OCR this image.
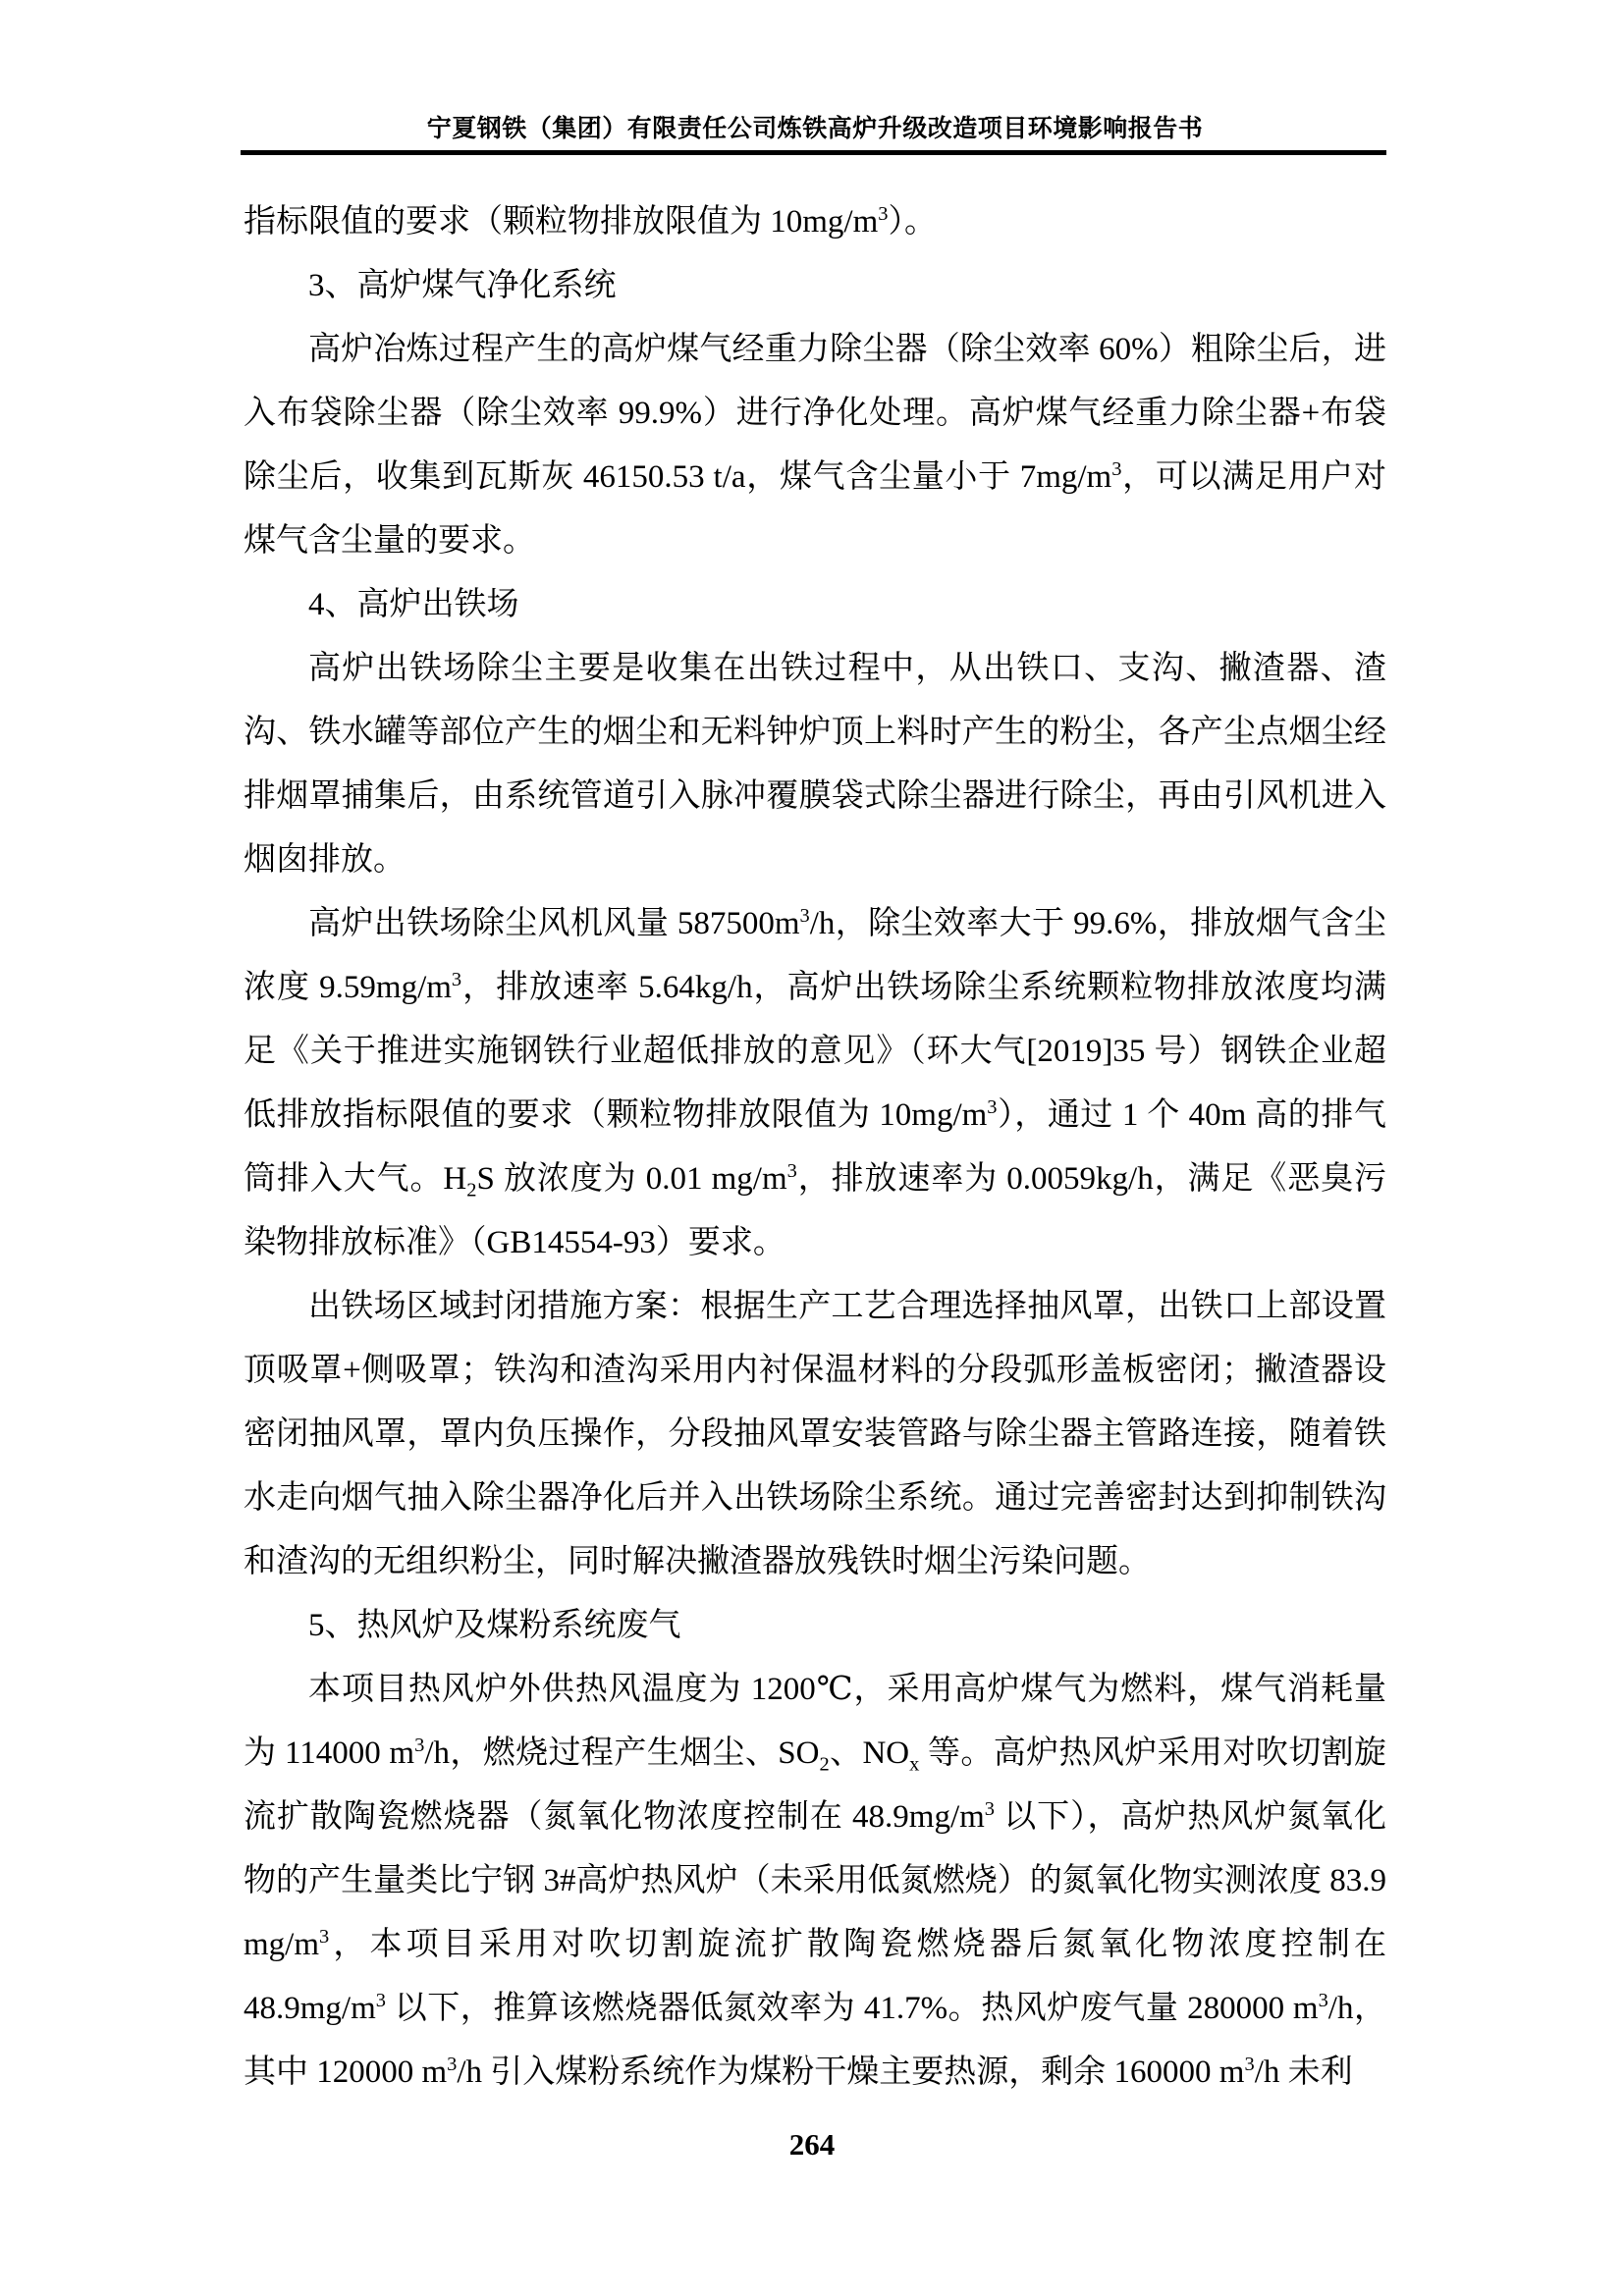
宁夏钢铁（集团）有限责任公司炼铁高炉升级改造项目环境影响报告书

指标限值的要求（颗粒物排放限值为 $10mg/m^3$）。

3、高炉煤气净化系统

高炉冶炼过程产生的高炉煤气经重力除尘器（除尘效率 60%）粗除尘后，进入布袋除尘器（除尘效率 99.9%）进行净化处理。高炉煤气经重力除尘器+布袋除尘后，收集到瓦斯灰 46150.53 t/a，煤气含尘量小于 $7mg/m^3$，可以满足用户对煤气含尘量的要求。

4、高炉出铁场

高炉出铁场除尘主要是收集在出铁过程中，从出铁口、支沟、撇渣器、渣沟、铁水罐等部位产生的烟尘和无料钟炉顶上料时产生的粉尘，各产尘点烟尘经排烟罩捕集后，由系统管道引入脉冲覆膜袋式除尘器进行除尘，再由引风机进入烟囱排放。

高炉出铁场除尘风机风量 $587500m^3/h$，除尘效率大于 99.6%，排放烟气含尘浓度 $9.59mg/m^3$，排放速率 5.64kg/h，高炉出铁场除尘系统颗粒物排放浓度均满足《关于推进实施钢铁行业超低排放的意见》（环大气[2019]35 号）钢铁企业超低排放指标限值的要求（颗粒物排放限值为 $10mg/m^3$），通过 1 个 40m 高的排气筒排入大气。$H_2S$ 放浓度为 0.01 $mg/m^3$，排放速率为 0.0059kg/h，满足《恶臭污染物排放标准》（GB14554-93）要求。

出铁场区域封闭措施方案：根据生产工艺合理选择抽风罩，出铁口上部设置顶吸罩+侧吸罩；铁沟和渣沟采用内衬保温材料的分段弧形盖板密闭；撇渣器设密闭抽风罩，罩内负压操作，分段抽风罩安装管路与除尘器主管路连接，随着铁水走向烟气抽入除尘器净化后并入出铁场除尘系统。通过完善密封达到抑制铁沟和渣沟的无组织粉尘，同时解决撇渣器放残铁时烟尘污染问题。

5、热风炉及煤粉系统废气

本项目热风炉外供热风温度为 1200℃，采用高炉煤气为燃料，煤气消耗量为 114000 $m^3/h$，燃烧过程产生烟尘、$SO_2$、$NO_x$ 等。高炉热风炉采用对吹切割旋流扩散陶瓷燃烧器（氮氧化物浓度控制在 $48.9mg/m^3$ 以下），高炉热风炉氮氧化物的产生量类比宁钢 3#高炉热风炉（未采用低氮燃烧）的氮氧化物实测浓度 83.9 $mg/m^3$，本项目采用对吹切割旋流扩散陶瓷燃烧器后氮氧化物浓度控制在 $48.9mg/m^3$ 以下，推算该燃烧器低氮效率为 41.7%。热风炉废气量 280000 $m^3/h$，其中 120000 $m^3/h$ 引入煤粉系统作为煤粉干燥主要热源，剩余 160000 $m^3/h$ 未利

264
